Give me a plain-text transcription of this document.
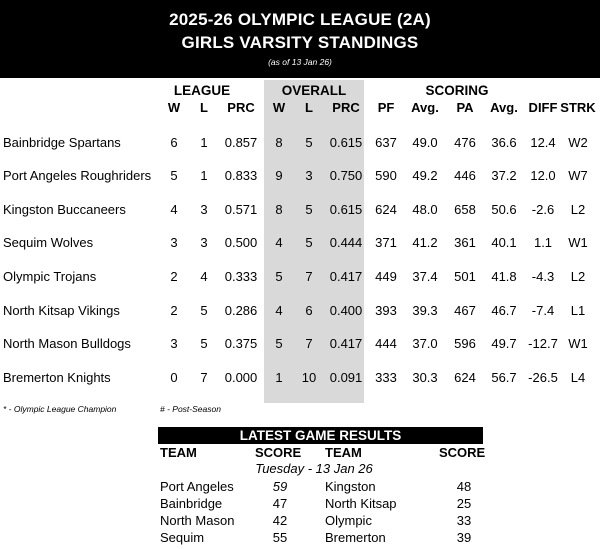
2025-26 OLYMPIC LEAGUE (2A)
GIRLS VARSITY STANDINGS
(as of 13 Jan 26)
LEAGUE	OVERALL	SCORING
W L PRC W L PRC PF Avg. PA Avg. DIFF STRK
Bainbridge Spartans	6 1 0.857 8 5 0.615 637 49.0 476 36.6 12.4 W2
Port Angeles Roughriders 5 1 0.833 9 3 0.750 590 49.2 446 37.2 12.0 W7
Kingston Buccaneers	4 3 0.571 8 5 0.615 624 48.0 658 50.6 -2.6 L2
Sequim Wolves	3 3 0.500 4 5 0.444 371 41.2 361 40.1 1.1 W1
Olympic Trojans	2 4 0.333 5 7 0.417 449 37.4 501 41.8 -4.3 L2
North Kitsap Vikings	2 5 0.286 4 6 0.400 393 39.3 467 46.7 -7.4 L1
North Mason Bulldogs	3 5 0.375 5 7 0.417 444 37.0 596 49.7 -12.7 W1
Bremerton Knights	0 7 0.000 1 10 0.091 333 30.3 624 56.7 -26.5 L4
* - Olympic League Champion	# - Post-Season
LATEST GAME RESULTS
TEAM	SCORE TEAM	SCORE
Tuesday - 13 Jan 26
Port Angeles	59	Kingston	48
Bainbridge	47	North Kitsap	25
North Mason	42	Olympic	33
Sequim	55	Bremerton	39
